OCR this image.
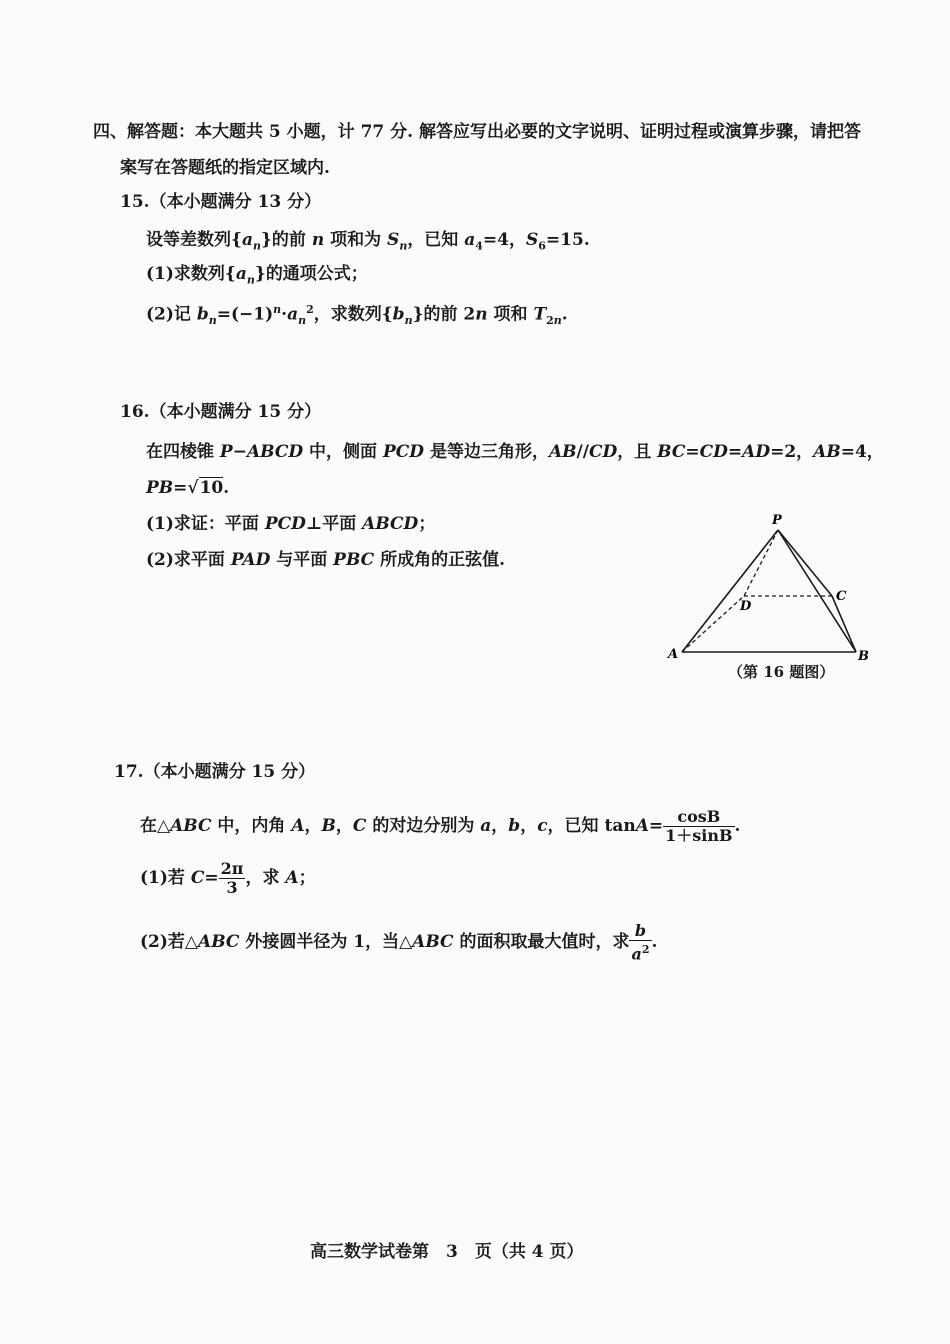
四、解答题：本大题共 5 小题，计 77 分. 解答应写出必要的文字说明、证明过程或演算步骤，请把答
案写在答题纸的指定区域内.
15.（本小题满分 13 分）
设等差数列$\{a_n\}$的前 n 项和为 $S_n$，已知 $a_4=4$，$S_6=15$.
(1)求数列$\{a_n\}$的通项公式；
(2)记 $b_n=(-1)^n\cdot a_n^2$，求数列$\{b_n\}$的前 2n 项和 $T_{2n}$.
16.（本小题满分 15 分）
在四棱锥 P−ABCD 中，侧面 PCD 是等边三角形，AB//CD，且 BC=CD=AD=2，AB=4，
PB=√10.
(1)求证：平面 PCD⊥平面 ABCD；
(2)求平面 PAD 与平面 PBC 所成角的正弦值.
P
A	B
C
D
（第 16 题图）
17.（本小题满分 15 分）
在△ABC 中，内角 A，B，C 的对边分别为 a，b，c，已知 $\tan A= \frac{\cos B}{1+\sin B}$ .
(1)若 $C= \frac{2\pi}{3}$ ，求 A；
(2)若△ABC 外接圆半径为 1，当△ABC 的面积取最大值时，求 $\frac{b}{a^2}$ .
高三数学试卷第　3　页（共 4 页）
